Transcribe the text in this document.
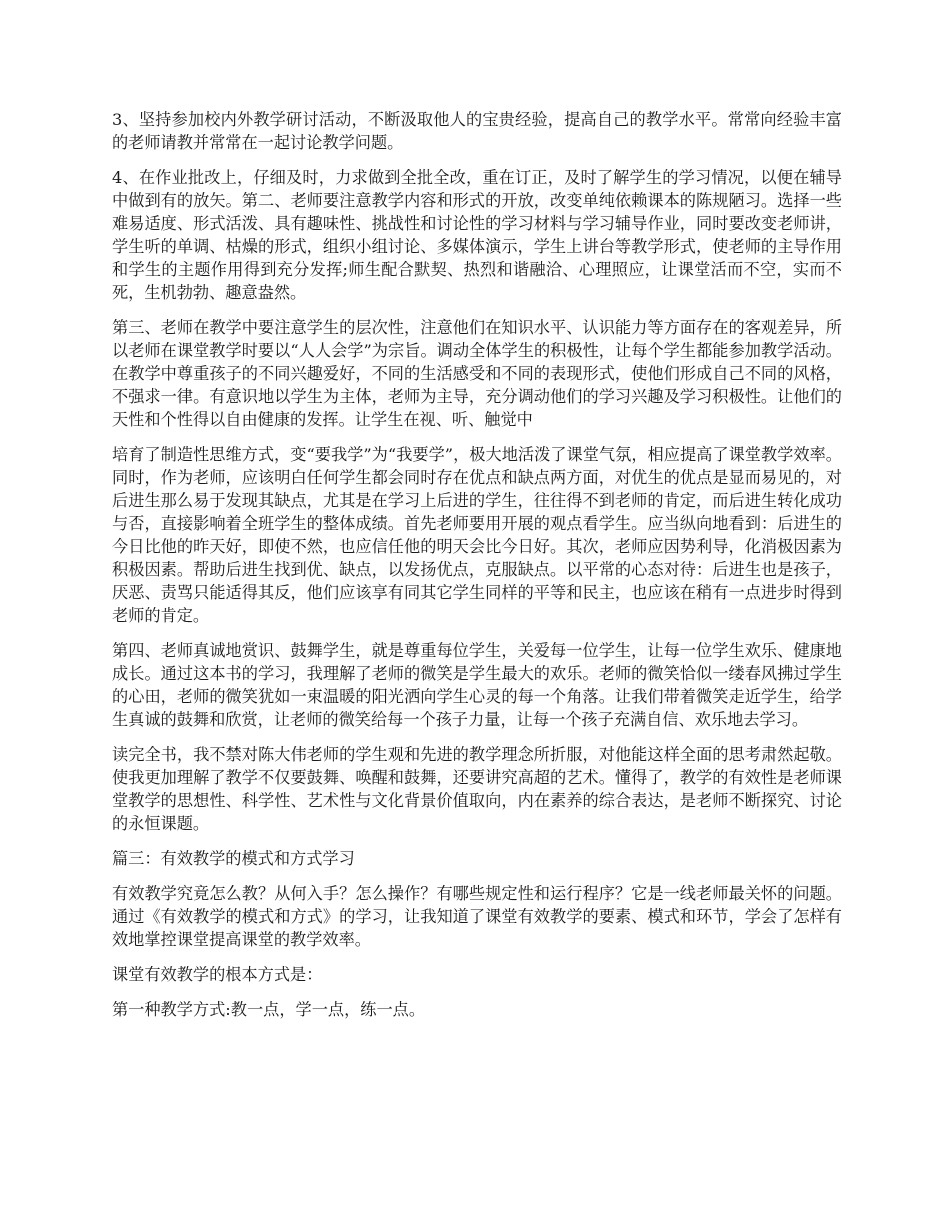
3、坚持参加校内外教学研讨活动，不断汲取他人的宝贵经验，提高自己的教学水平。常常向经验丰富的老师请教并常常在一起讨论教学问题。

4、在作业批改上，仔细及时，力求做到全批全改，重在订正，及时了解学生的学习情况，以便在辅导中做到有的放矢。第二、老师要注意教学内容和形式的开放，改变单纯依赖课本的陈规陋习。选择一些难易适度、形式活泼、具有趣味性、挑战性和讨论性的学习材料与学习辅导作业，同时要改变老师讲，学生听的单调、枯燥的形式，组织小组讨论、多媒体演示，学生上讲台等教学形式，使老师的主导作用和学生的主题作用得到充分发挥;师生配合默契、热烈和谐融洽、心理照应，让课堂活而不空，实而不死，生机勃勃、趣意盎然。

第三、老师在教学中要注意学生的层次性，注意他们在知识水平、认识能力等方面存在的客观差异，所以老师在课堂教学时要以“人人会学”为宗旨。调动全体学生的积极性，让每个学生都能参加教学活动。在教学中尊重孩子的不同兴趣爱好，不同的生活感受和不同的表现形式，使他们形成自己不同的风格，不强求一律。有意识地以学生为主体，老师为主导，充分调动他们的学习兴趣及学习积极性。让他们的天性和个性得以自由健康的发挥。让学生在视、听、触觉中

培育了制造性思维方式，变“要我学”为“我要学”，极大地活泼了课堂气氛，相应提高了课堂教学效率。同时，作为老师，应该明白任何学生都会同时存在优点和缺点两方面，对优生的优点是显而易见的，对后进生那么易于发现其缺点，尤其是在学习上后进的学生，往往得不到老师的肯定，而后进生转化成功与否，直接影响着全班学生的整体成绩。首先老师要用开展的观点看学生。应当纵向地看到：后进生的今日比他的昨天好，即使不然，也应信任他的明天会比今日好。其次，老师应因势利导，化消极因素为积极因素。帮助后进生找到优、缺点，以发扬优点，克服缺点。以平常的心态对待：后进生也是孩子，厌恶、责骂只能适得其反，他们应该享有同其它学生同样的平等和民主，也应该在稍有一点进步时得到老师的肯定。

第四、老师真诚地赏识、鼓舞学生，就是尊重每位学生，关爱每一位学生，让每一位学生欢乐、健康地成长。通过这本书的学习，我理解了老师的微笑是学生最大的欢乐。老师的微笑恰似一缕春风拂过学生的心田，老师的微笑犹如一束温暖的阳光洒向学生心灵的每一个角落。让我们带着微笑走近学生，给学生真诚的鼓舞和欣赏，让老师的微笑给每一个孩子力量，让每一个孩子充满自信、欢乐地去学习。

读完全书，我不禁对陈大伟老师的学生观和先进的教学理念所折服，对他能这样全面的思考肃然起敬。使我更加理解了教学不仅要鼓舞、唤醒和鼓舞，还要讲究高超的艺术。懂得了，教学的有效性是老师课堂教学的思想性、科学性、艺术性与文化背景价值取向，内在素养的综合表达，是老师不断探究、讨论的永恒课题。

篇三：有效教学的模式和方式学习

有效教学究竟怎么教？从何入手？怎么操作？有哪些规定性和运行程序？它是一线老师最关怀的问题。通过《有效教学的模式和方式》的学习，让我知道了课堂有效教学的要素、模式和环节，学会了怎样有效地掌控课堂提高课堂的教学效率。

课堂有效教学的根本方式是：

第一种教学方式:教一点，学一点，练一点。
